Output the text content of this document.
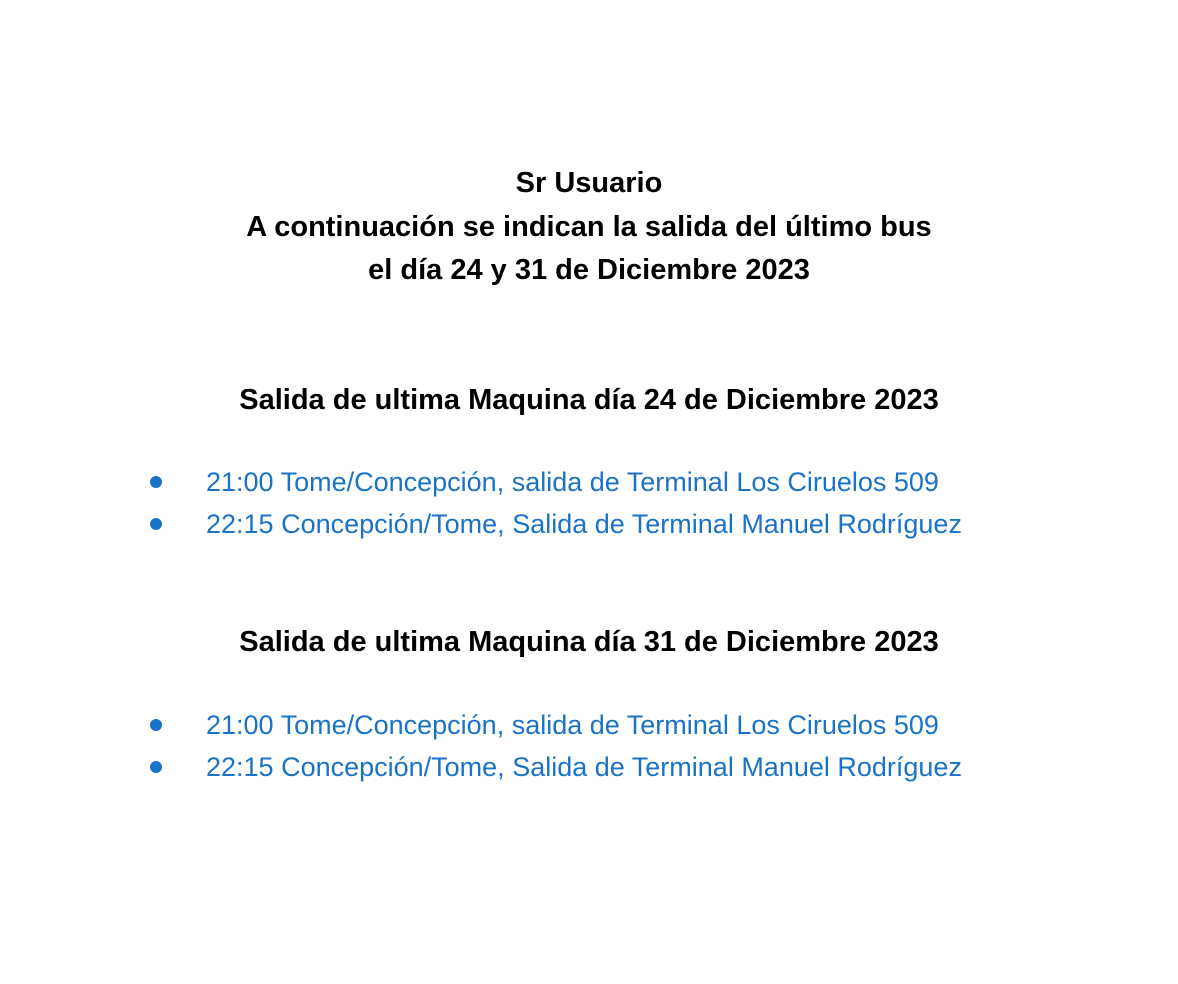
Sr Usuario
A continuación se indican la salida del último bus
el día 24 y 31 de Diciembre 2023
Salida de ultima Maquina día 24 de Diciembre 2023
21:00 Tome/Concepción, salida de Terminal Los Ciruelos 509
22:15 Concepción/Tome, Salida de Terminal Manuel Rodríguez
Salida de ultima Maquina día 31 de Diciembre 2023
21:00 Tome/Concepción, salida de Terminal Los Ciruelos 509
22:15 Concepción/Tome, Salida de Terminal Manuel Rodríguez
